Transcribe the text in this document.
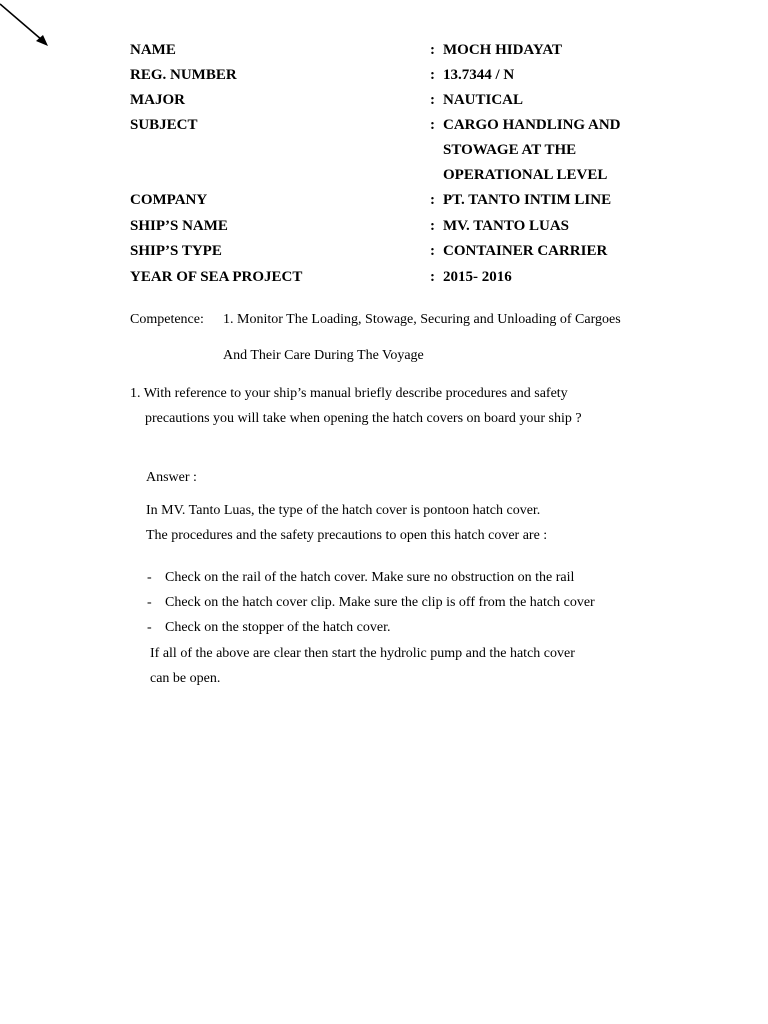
NAME	: MOCH HIDAYAT
REG. NUMBER	: 13.7344 / N
MAJOR	: NAUTICAL
SUBJECT	: CARGO HANDLING AND
STOWAGE AT THE
OPERATIONAL LEVEL
COMPANY	: PT. TANTO INTIM LINE
SHIP’S NAME	: MV. TANTO LUAS
SHIP’S TYPE	: CONTAINER CARRIER
YEAR OF SEA PROJECT	: 2015- 2016
Competence: 1. Monitor The Loading, Stowage, Securing and Unloading of Cargoes
And Their Care During The Voyage
1. With reference to your ship’s manual briefly describe procedures and safety
precautions you will take when opening the hatch covers on board your ship ?
Answer :
In MV. Tanto Luas, the type of the hatch cover is pontoon hatch cover.
The procedures and the safety precautions to open this hatch cover are :
- Check on the rail of the hatch cover. Make sure no obstruction on the rail
- Check on the hatch cover clip. Make sure the clip is off from the hatch cover
- Check on the stopper of the hatch cover.
If all of the above are clear then start the hydrolic pump and the hatch cover
can be open.
